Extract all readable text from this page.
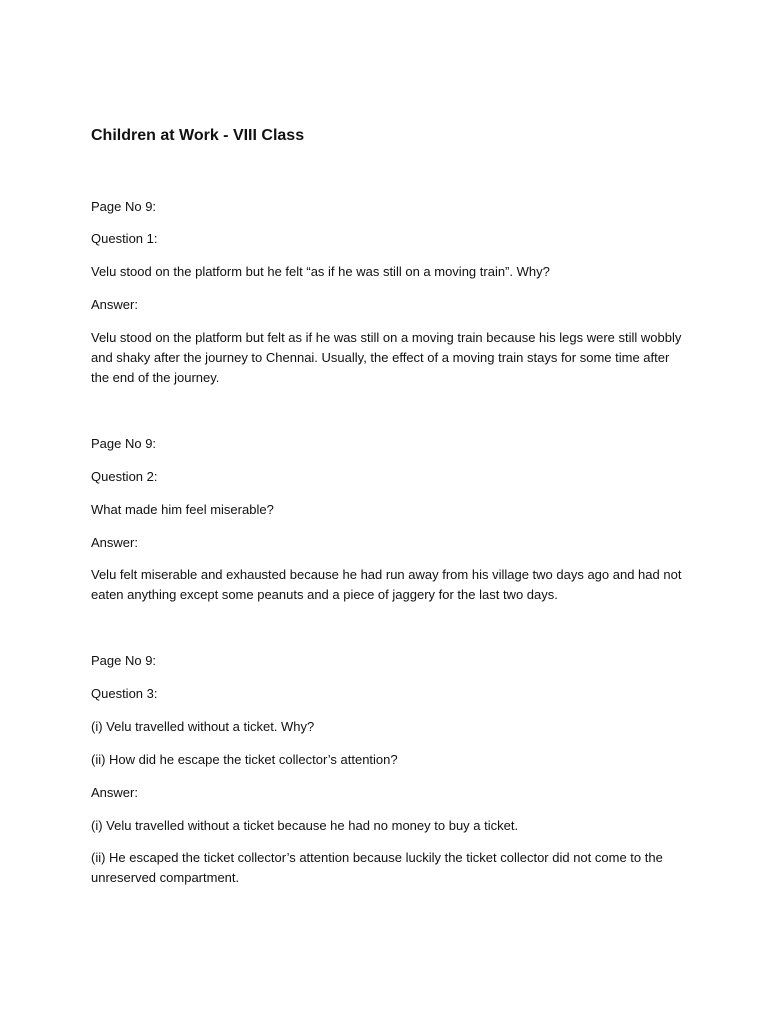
Children at Work - VIII Class
Page No 9:
Question 1:
Velu stood on the platform but he felt “as if he was still on a moving train”. Why?
Answer:
Velu stood on the platform but felt as if he was still on a moving train because his legs were still wobbly
and shaky after the journey to Chennai. Usually, the effect of a moving train stays for some time after
the end of the journey.
Page No 9:
Question 2:
What made him feel miserable?
Answer:
Velu felt miserable and exhausted because he had run away from his village two days ago and had not
eaten anything except some peanuts and a piece of jaggery for the last two days.
Page No 9:
Question 3:
(i) Velu travelled without a ticket. Why?
(ii) How did he escape the ticket collector’s attention?
Answer:
(i) Velu travelled without a ticket because he had no money to buy a ticket.
(ii) He escaped the ticket collector’s attention because luckily the ticket collector did not come to the
unreserved compartment.
